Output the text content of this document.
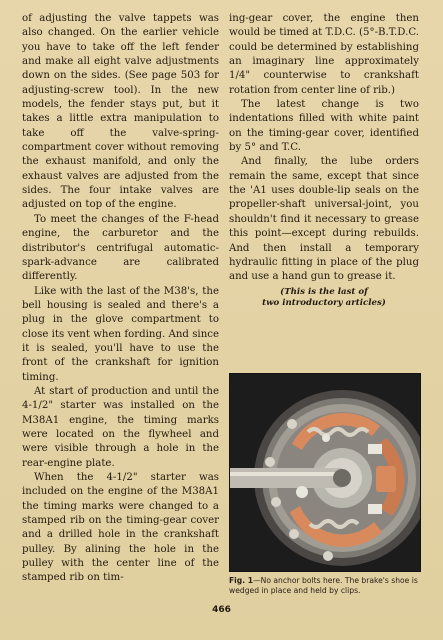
of adjusting the valve tappets was also changed. On the earlier vehicle you have to take off the left fender and make all eight valve adjustments down on the sides. (See page 503 for adjusting-screw tool). In the new models, the fender stays put, but it takes a little extra manipulation to take off the valve-spring-compartment cover without removing the exhaust manifold, and only the exhaust valves are adjusted from the sides. The four intake valves are adjusted on top of the engine.

To meet the changes of the F-head engine, the carburetor and the distributor's centrifugal automatic-spark-advance are calibrated differently.

Like with the last of the M38's, the bell housing is sealed and there's a plug in the glove compartment to close its vent when fording. And since it is sealed, you'll have to use the front of the crankshaft for ignition timing.

At start of production and until the 4-1/2" starter was installed on the M38A1 engine, the timing marks were located on the flywheel and were visible through a hole in the rear-engine plate.

When the 4-1/2" starter was included on the engine of the M38A1 the timing marks were changed to a stamped rib on the timing-gear cover and a drilled hole in the crankshaft pulley. By alining the hole in the pulley with the center line of the stamped rib on tim-

ing-gear cover, the engine then would be timed at T.D.C. (5°-B.T.D.C. could be determined by establishing an imaginary line approximately 1/4" counterwise to crankshaft rotation from center line of rib.)

The latest change is two indentations filled with white paint on the timing-gear cover, identified by 5° and T.C.

And finally, the lube orders remain the same, except that since the 'A1 uses double-lip seals on the propeller-shaft universal-joint, you shouldn't find it necessary to grease this point—except during rebuilds. And then install a temporary hydraulic fitting in place of the plug and use a hand gun to grease it.

(This is the last of
two introductory articles)
Fig. 1—No anchor bolts here. The brake's shoe is wedged in place and held by clips.
466
